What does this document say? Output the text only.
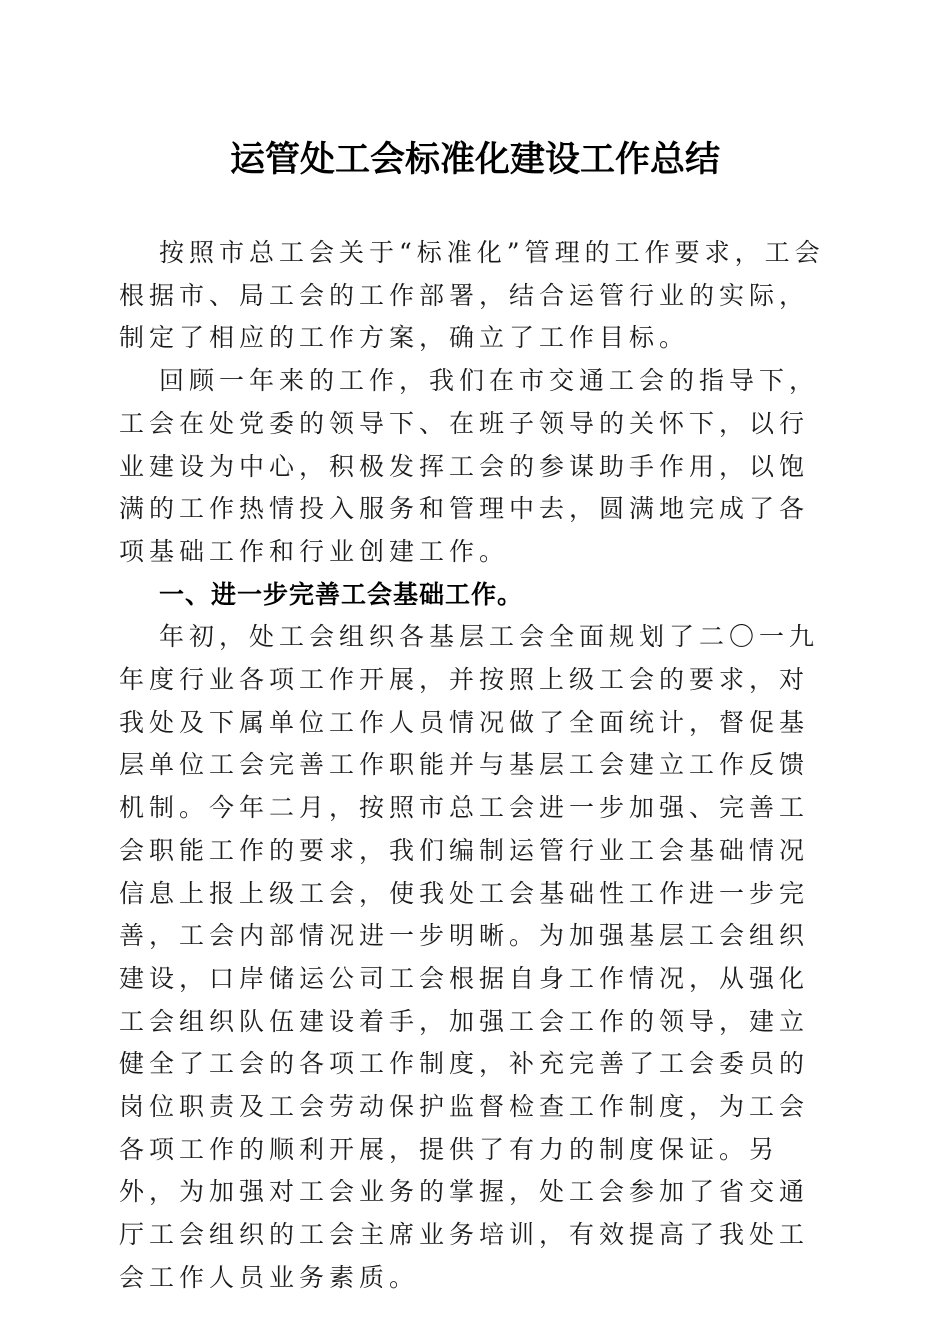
运管处工会标准化建设工作总结

按照市总工会关于“标准化”管理的工作要求，工会根据市、局工会的工作部署，结合运管行业的实际，制定了相应的工作方案，确立了工作目标。

回顾一年来的工作，我们在市交通工会的指导下，工会在处党委的领导下、在班子领导的关怀下，以行业建设为中心，积极发挥工会的参谋助手作用，以饱满的工作热情投入服务和管理中去，圆满地完成了各项基础工作和行业创建工作。

一、进一步完善工会基础工作。

年初，处工会组织各基层工会全面规划了二〇一九年度行业各项工作开展，并按照上级工会的要求，对我处及下属单位工作人员情况做了全面统计，督促基层单位工会完善工作职能并与基层工会建立工作反馈机制。今年二月，按照市总工会进一步加强、完善工会职能工作的要求，我们编制运管行业工会基础情况信息上报上级工会，使我处工会基础性工作进一步完善，工会内部情况进一步明晰。为加强基层工会组织建设，口岸储运公司工会根据自身工作情况，从强化工会组织队伍建设着手，加强工会工作的领导，建立健全了工会的各项工作制度，补充完善了工会委员的岗位职责及工会劳动保护监督检查工作制度，为工会各项工作的顺利开展，提供了有力的制度保证。另外，为加强对工会业务的掌握，处工会参加了省交通厅工会组织的工会主席业务培训，有效提高了我处工会工作人员业务素质。
